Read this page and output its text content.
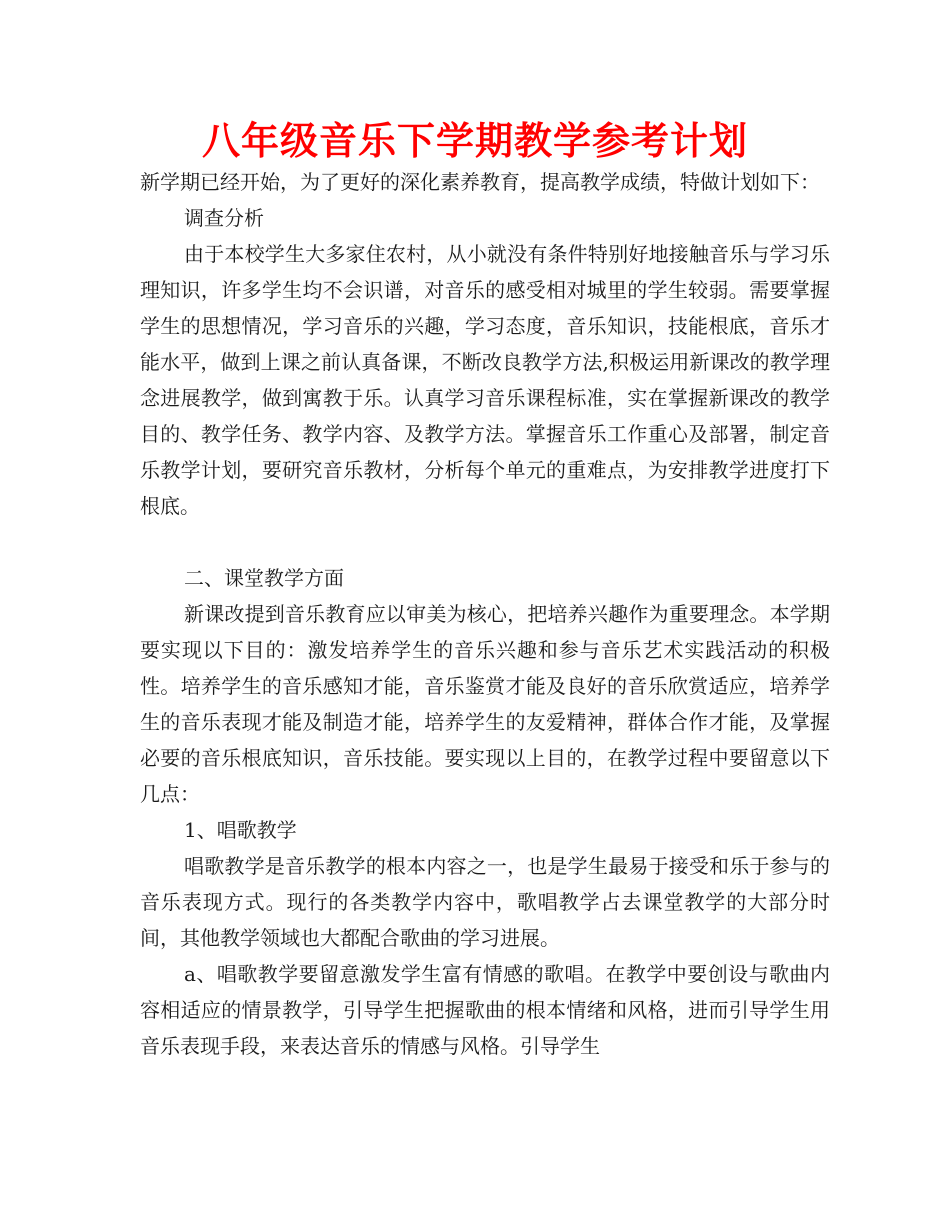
八年级音乐下学期教学参考计划

新学期已经开始，为了更好的深化素养教育，提高教学成绩，特做计划如下：

调查分析

由于本校学生大多家住农村，从小就没有条件特别好地接触音乐与学习乐理知识，许多学生均不会识谱，对音乐的感受相对城里的学生较弱。需要掌握学生的思想情况，学习音乐的兴趣，学习态度，音乐知识，技能根底，音乐才能水平，做到上课之前认真备课，不断改良教学方法,积极运用新课改的教学理念进展教学，做到寓教于乐。认真学习音乐课程标准，实在掌握新课改的教学目的、教学任务、教学内容、及教学方法。掌握音乐工作重心及部署，制定音乐教学计划，要研究音乐教材，分析每个单元的重难点，为安排教学进度打下根底。

二、课堂教学方面

新课改提到音乐教育应以审美为核心，把培养兴趣作为重要理念。本学期要实现以下目的：激发培养学生的音乐兴趣和参与音乐艺术实践活动的积极性。培养学生的音乐感知才能，音乐鉴赏才能及良好的音乐欣赏适应，培养学生的音乐表现才能及制造才能，培养学生的友爱精神，群体合作才能，及掌握必要的音乐根底知识，音乐技能。要实现以上目的，在教学过程中要留意以下几点：

1、唱歌教学

唱歌教学是音乐教学的根本内容之一，也是学生最易于接受和乐于参与的音乐表现方式。现行的各类教学内容中，歌唱教学占去课堂教学的大部分时间，其他教学领域也大都配合歌曲的学习进展。

a、唱歌教学要留意激发学生富有情感的歌唱。在教学中要创设与歌曲内容相适应的情景教学，引导学生把握歌曲的根本情绪和风格，进而引导学生用音乐表现手段，来表达音乐的情感与风格。引导学生
